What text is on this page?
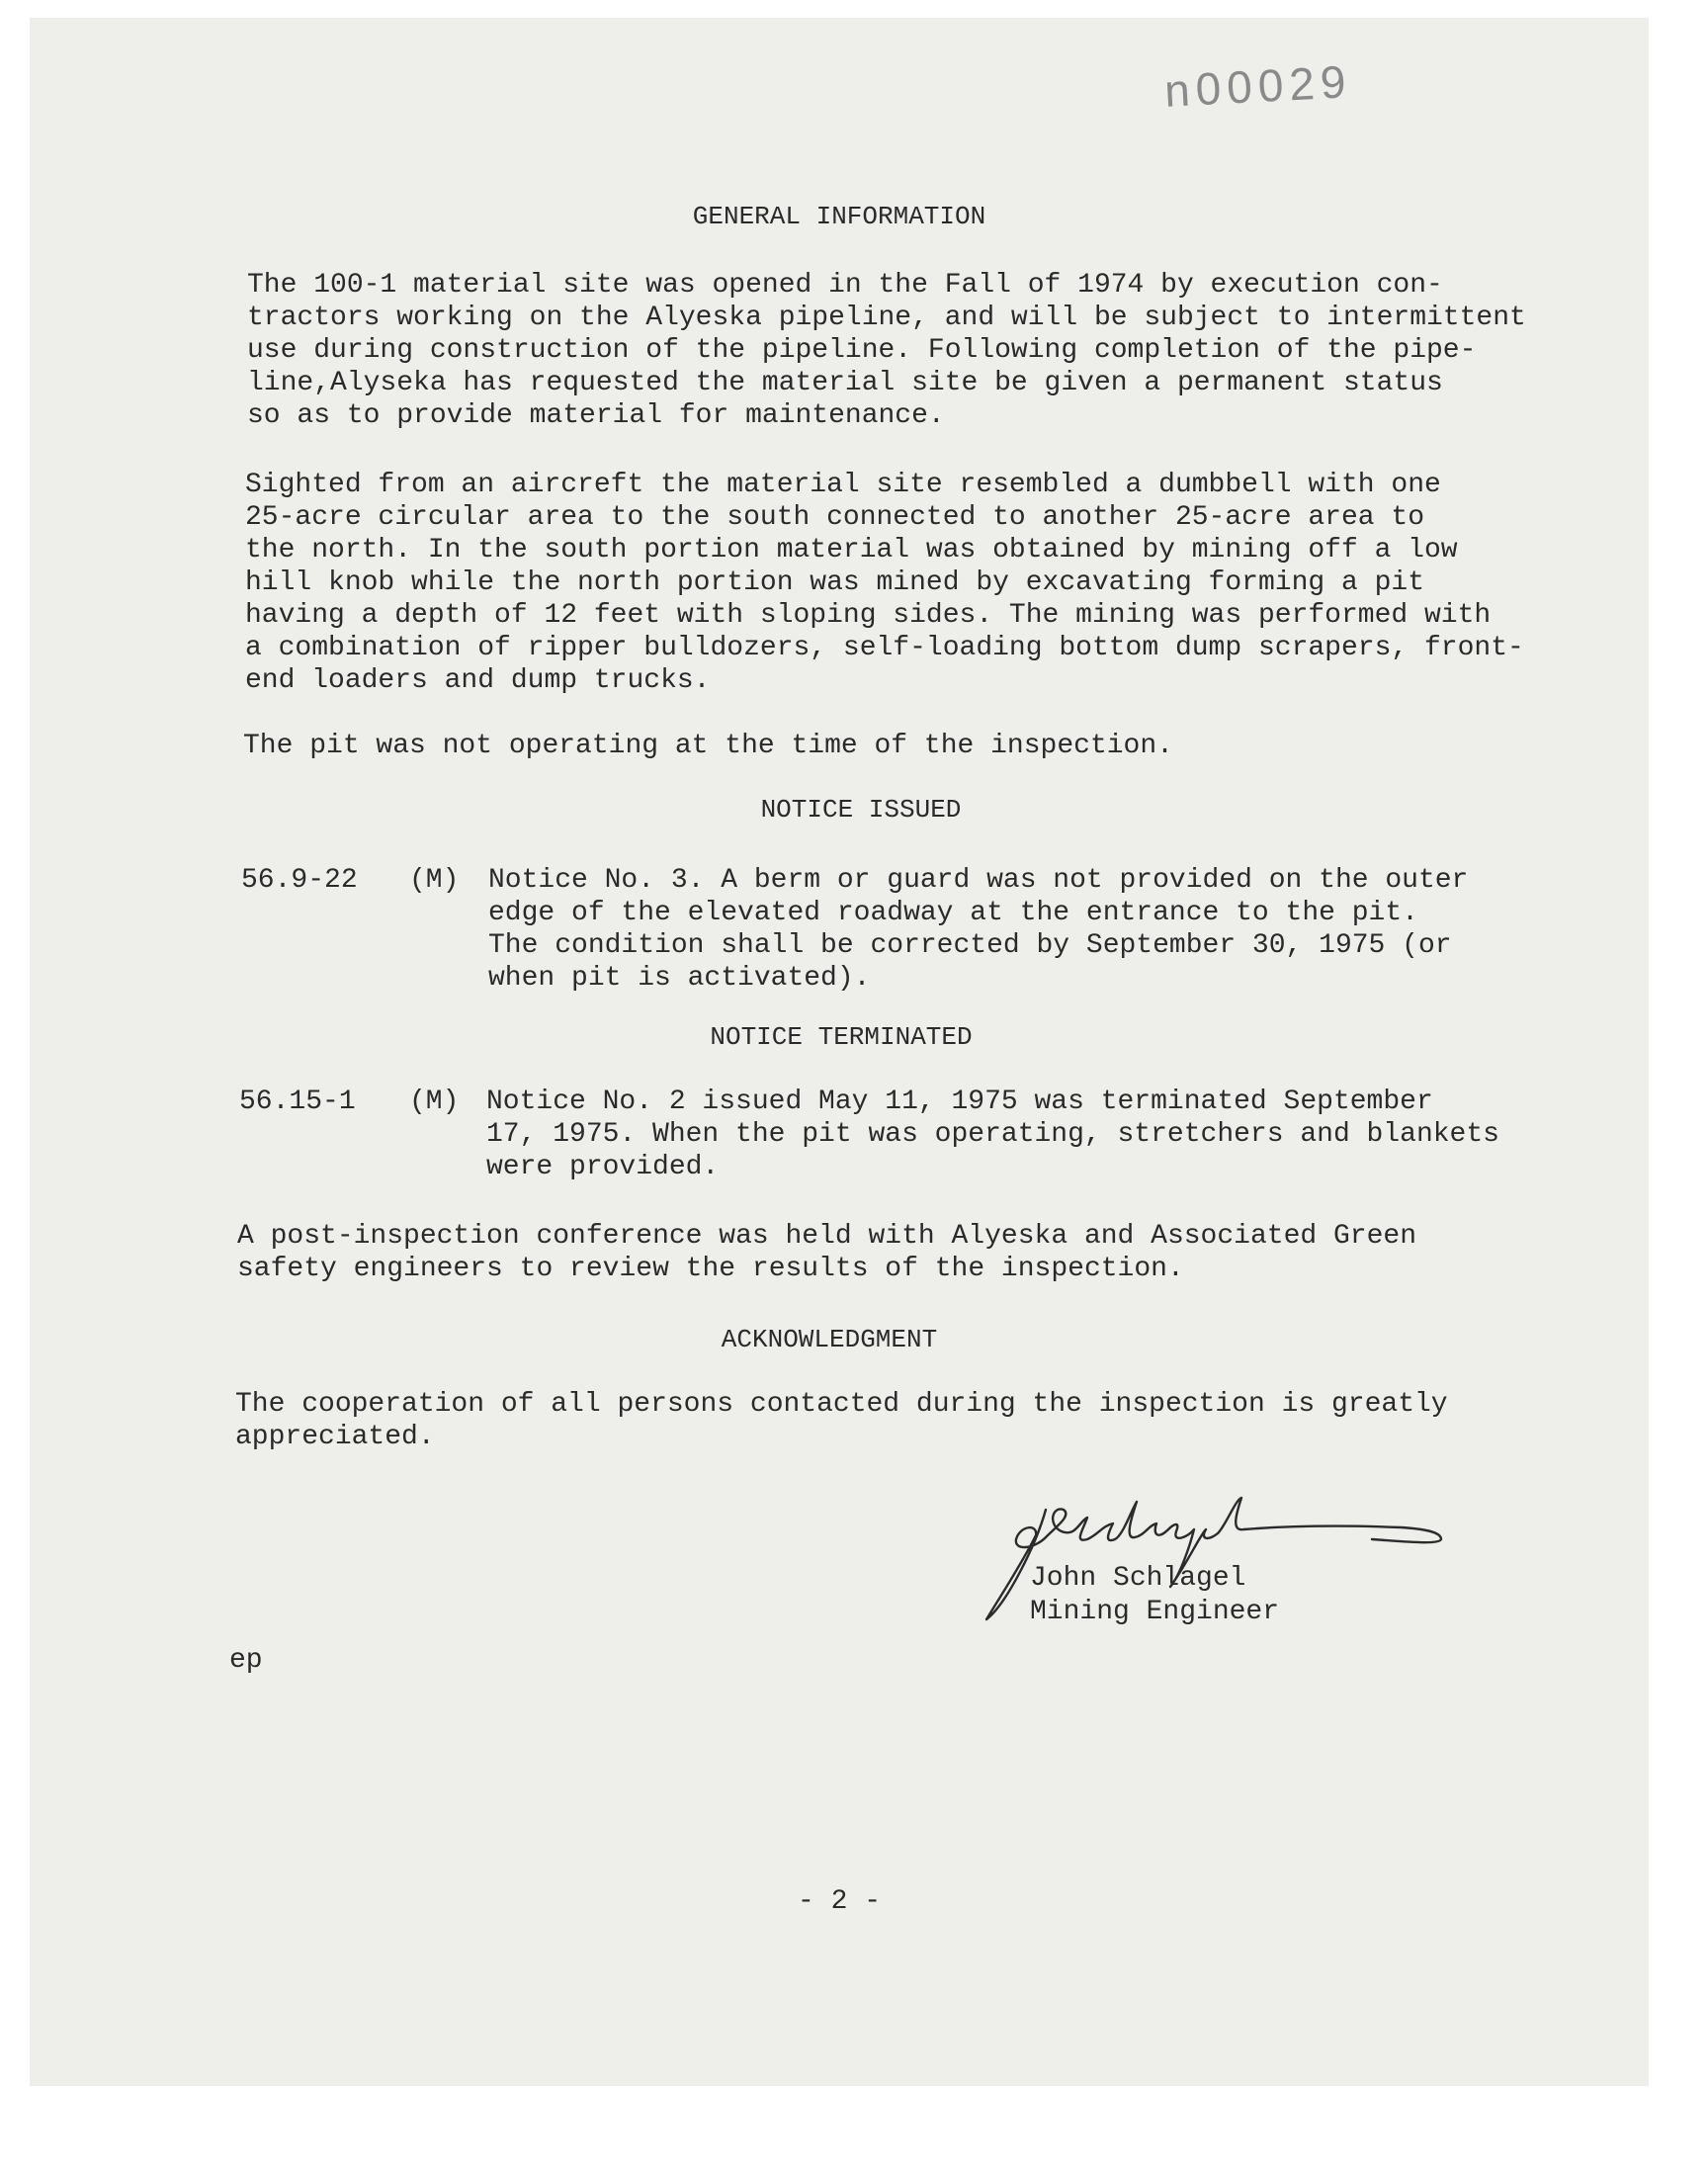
n00029
GENERAL INFORMATION
The 100-1 material site was opened in the Fall of 1974 by execution con-
tractors working on the Alyeska pipeline, and will be subject to intermittent
use during construction of the pipeline. Following completion of the pipe-
line,Alyseka has requested the material site be given a permanent status
so as to provide material for maintenance.
Sighted from an aircreft the material site resembled a dumbbell with one
25-acre circular area to the south connected to another 25-acre area to
the north. In the south portion material was obtained by mining off a low
hill knob while the north portion was mined by excavating forming a pit
having a depth of 12 feet with sloping sides. The mining was performed with
a combination of ripper bulldozers, self-loading bottom dump scrapers, front-
end loaders and dump trucks.
The pit was not operating at the time of the inspection.
NOTICE ISSUED
56.9-22 (M) Notice No. 3. A berm or guard was not provided on the outer
edge of the elevated roadway at the entrance to the pit.
The condition shall be corrected by September 30, 1975 (or
when pit is activated).
NOTICE TERMINATED
56.15-1 (M) Notice No. 2 issued May 11, 1975 was terminated September
17, 1975. When the pit was operating, stretchers and blankets
were provided.
A post-inspection conference was held with Alyeska and Associated Green
safety engineers to review the results of the inspection.
ACKNOWLEDGMENT
The cooperation of all persons contacted during the inspection is greatly
appreciated.
John Schlagel
Mining Engineer
ep
- 2 -
